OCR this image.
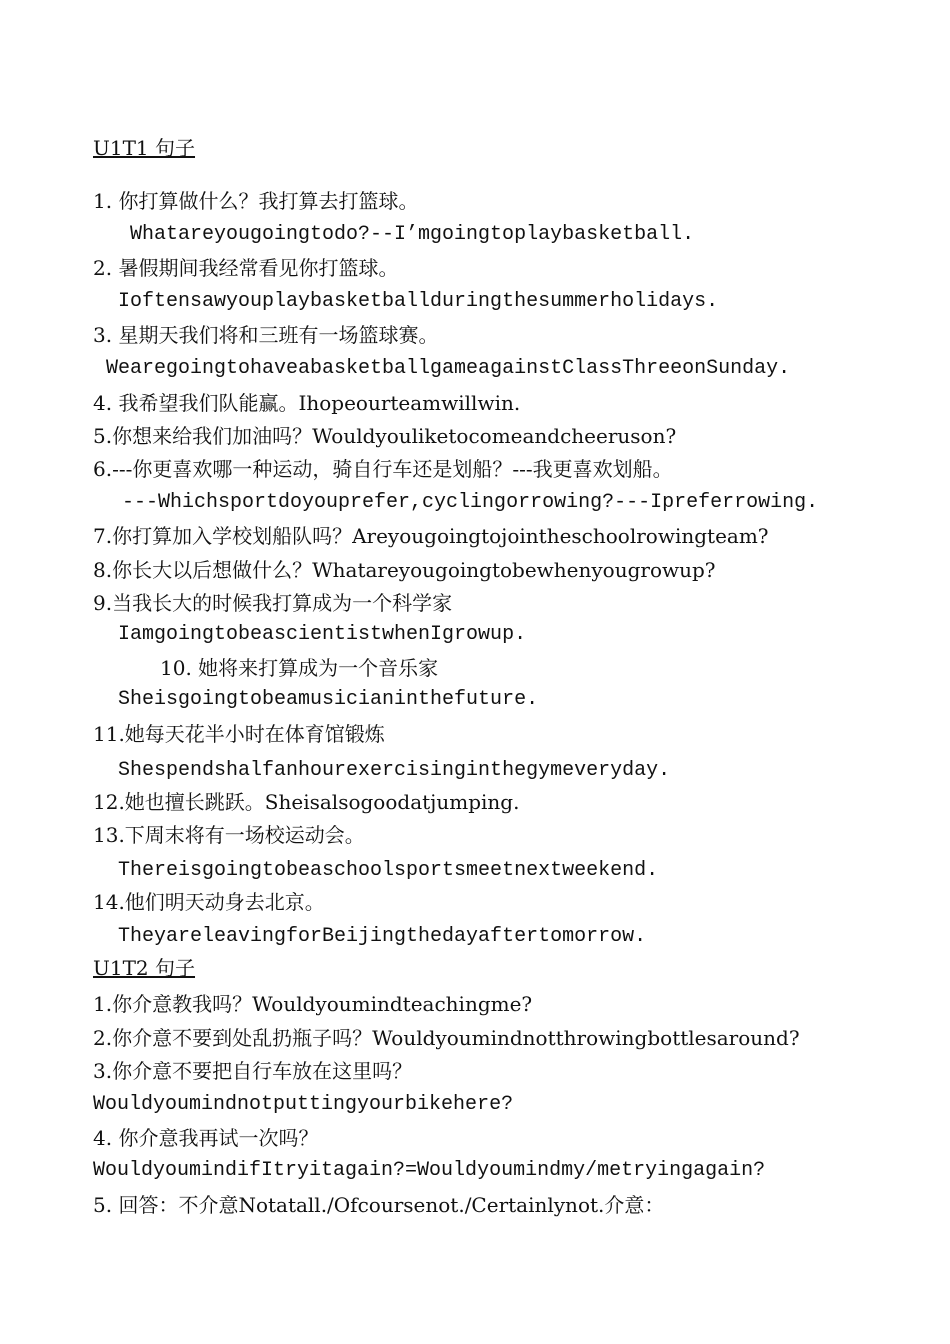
U1T1 句子
1. 你打算做什么？我打算去打篮球。
Whatareyougoingtodo?--I’mgoingtoplaybasketball.
2. 暑假期间我经常看见你打篮球。
Ioftensawyouplaybasketballduringthesummerholidays.
3. 星期天我们将和三班有一场篮球赛。
WearegoingtohaveabasketballgameagainstClassThreeonSunday.
4. 我希望我们队能赢。Ihopeourteamwillwin.
5.你想来给我们加油吗？Wouldyouliketocomeandcheeruson?
6.---你更喜欢哪一种运动，骑自行车还是划船？---我更喜欢划船。
---Whichsportdoyouprefer,cyclingorrowing?---Ipreferrowing.
7.你打算加入学校划船队吗？Areyougoingtojointheschoolrowingteam?
8.你长大以后想做什么？Whatareyougoingtobewhenyougrowup?
9.当我长大的时候我打算成为一个科学家
IamgoingtobeascientistwhenIgrowup.
10. 她将来打算成为一个音乐家
Sheisgoingtobeamusicianinthefuture.
11.她每天花半小时在体育馆锻炼
Shespendshalfanhourexercisinginthegymeveryday.
12.她也擅长跳跃。Sheisalsogoodatjumping.
13.下周末将有一场校运动会。
Thereisgoingtobeaschoolsportsmeetnextweekend.
14.他们明天动身去北京。
TheyareleavingforBeijingthedayaftertomorrow.
U1T2 句子
1.你介意教我吗？Wouldyoumindteachingme?
2.你介意不要到处乱扔瓶子吗？Wouldyoumindnotthrowingbottlesaround?
3.你介意不要把自行车放在这里吗？
Wouldyoumindnotputtingyourbikehere?
4. 你介意我再试一次吗？
WouldyoumindifItryitagain?=Wouldyoumindmy/metryingagain?
5. 回答：不介意Notatall./Ofcoursenot./Certainlynot.介意：
